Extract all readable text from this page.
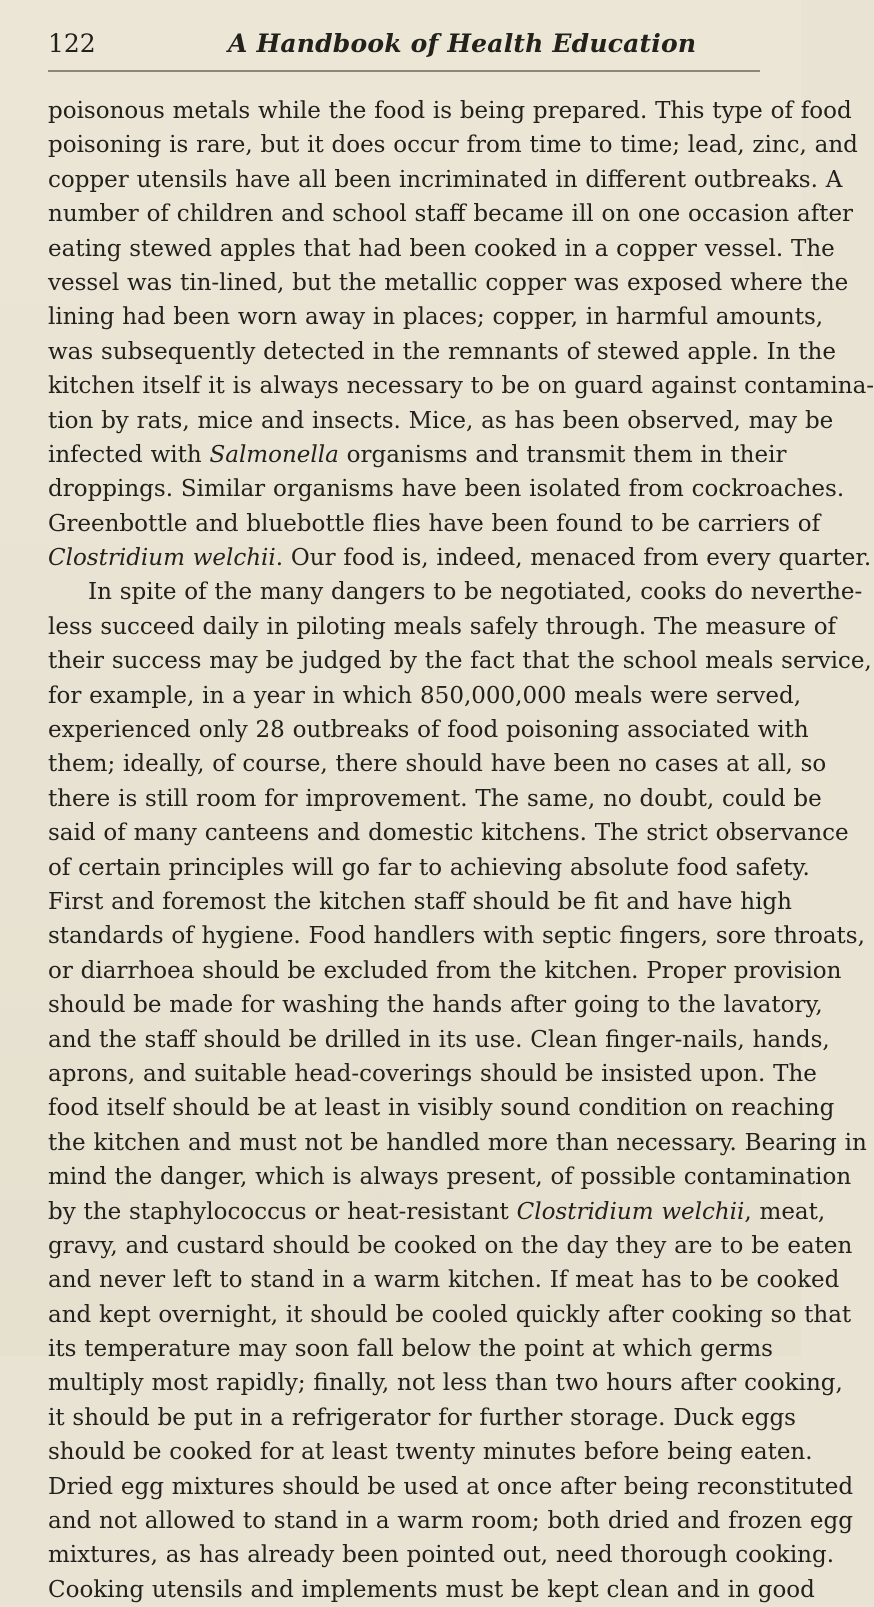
122	A Handbook of Health Education
poisonous metals while the food is being prepared. This type of food
poisoning is rare, but it does occur from time to time; lead, zinc, and
copper utensils have all been incriminated in different outbreaks. A
number of children and school staff became ill on one occasion after
eating stewed apples that had been cooked in a copper vessel. The
vessel was tin-lined, but the metallic copper was exposed where the
lining had been worn away in places; copper, in harmful amounts,
was subsequently detected in the remnants of stewed apple. In the
kitchen itself it is always necessary to be on guard against contamina-
tion by rats, mice and insects. Mice, as has been observed, may be
infected with Salmonella organisms and transmit them in their
droppings. Similar organisms have been isolated from cockroaches.
Greenbottle and bluebottle flies have been found to be carriers of
Clostridium welchii. Our food is, indeed, menaced from every quarter.
In spite of the many dangers to be negotiated, cooks do neverthe-
less succeed daily in piloting meals safely through. The measure of
their success may be judged by the fact that the school meals service,
for example, in a year in which 850,000,000 meals were served,
experienced only 28 outbreaks of food poisoning associated with
them; ideally, of course, there should have been no cases at all, so
there is still room for improvement. The same, no doubt, could be
said of many canteens and domestic kitchens. The strict observance
of certain principles will go far to achieving absolute food safety.
First and foremost the kitchen staff should be fit and have high
standards of hygiene. Food handlers with septic fingers, sore throats,
or diarrhoea should be excluded from the kitchen. Proper provision
should be made for washing the hands after going to the lavatory,
and the staff should be drilled in its use. Clean finger-nails, hands,
aprons, and suitable head-coverings should be insisted upon. The
food itself should be at least in visibly sound condition on reaching
the kitchen and must not be handled more than necessary. Bearing in
mind the danger, which is always present, of possible contamination
by the staphylococcus or heat-resistant Clostridium welchii, meat,
gravy, and custard should be cooked on the day they are to be eaten
and never left to stand in a warm kitchen. If meat has to be cooked
and kept overnight, it should be cooled quickly after cooking so that
its temperature may soon fall below the point at which germs
multiply most rapidly; finally, not less than two hours after cooking,
it should be put in a refrigerator for further storage. Duck eggs
should be cooked for at least twenty minutes before being eaten.
Dried egg mixtures should be used at once after being reconstituted
and not allowed to stand in a warm room; both dried and frozen egg
mixtures, as has already been pointed out, need thorough cooking.
Cooking utensils and implements must be kept clean and in good
